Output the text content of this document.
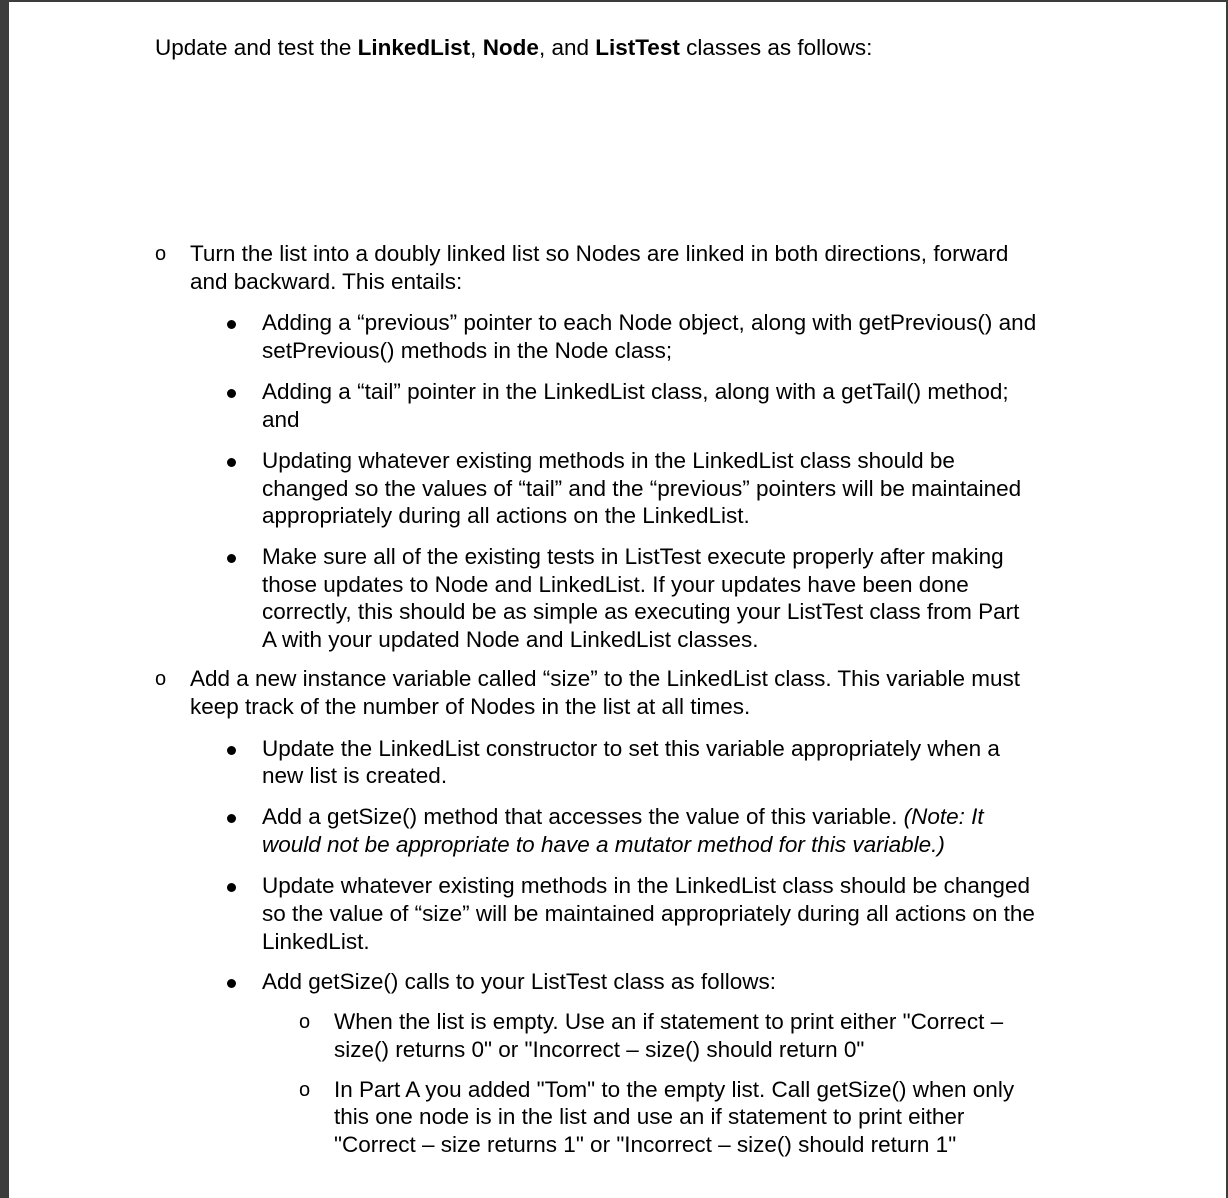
Update and test the LinkedList, Node, and ListTest classes as follows:
o Turn the list into a doubly linked list so Nodes are linked in both directions, forward
and backward. This entails:
Adding a “previous” pointer to each Node object, along with getPrevious() and
setPrevious() methods in the Node class;
Adding a “tail” pointer in the LinkedList class, along with a getTail() method;
and
Updating whatever existing methods in the LinkedList class should be
changed so the values of “tail” and the “previous” pointers will be maintained
appropriately during all actions on the LinkedList.
Make sure all of the existing tests in ListTest execute properly after making
those updates to Node and LinkedList. If your updates have been done
correctly, this should be as simple as executing your ListTest class from Part
A with your updated Node and LinkedList classes.
o Add a new instance variable called “size” to the LinkedList class. This variable must
keep track of the number of Nodes in the list at all times.
Update the LinkedList constructor to set this variable appropriately when a
new list is created.
Add a getSize() method that accesses the value of this variable. (Note: It
would not be appropriate to have a mutator method for this variable.)
Update whatever existing methods in the LinkedList class should be changed
so the value of “size” will be maintained appropriately during all actions on the
LinkedList.
Add getSize() calls to your ListTest class as follows:
o When the list is empty. Use an if statement to print either "Correct –
size() returns 0" or "Incorrect – size() should return 0"
o In Part A you added "Tom" to the empty list. Call getSize() when only
this one node is in the list and use an if statement to print either
"Correct – size returns 1" or "Incorrect – size() should return 1"
